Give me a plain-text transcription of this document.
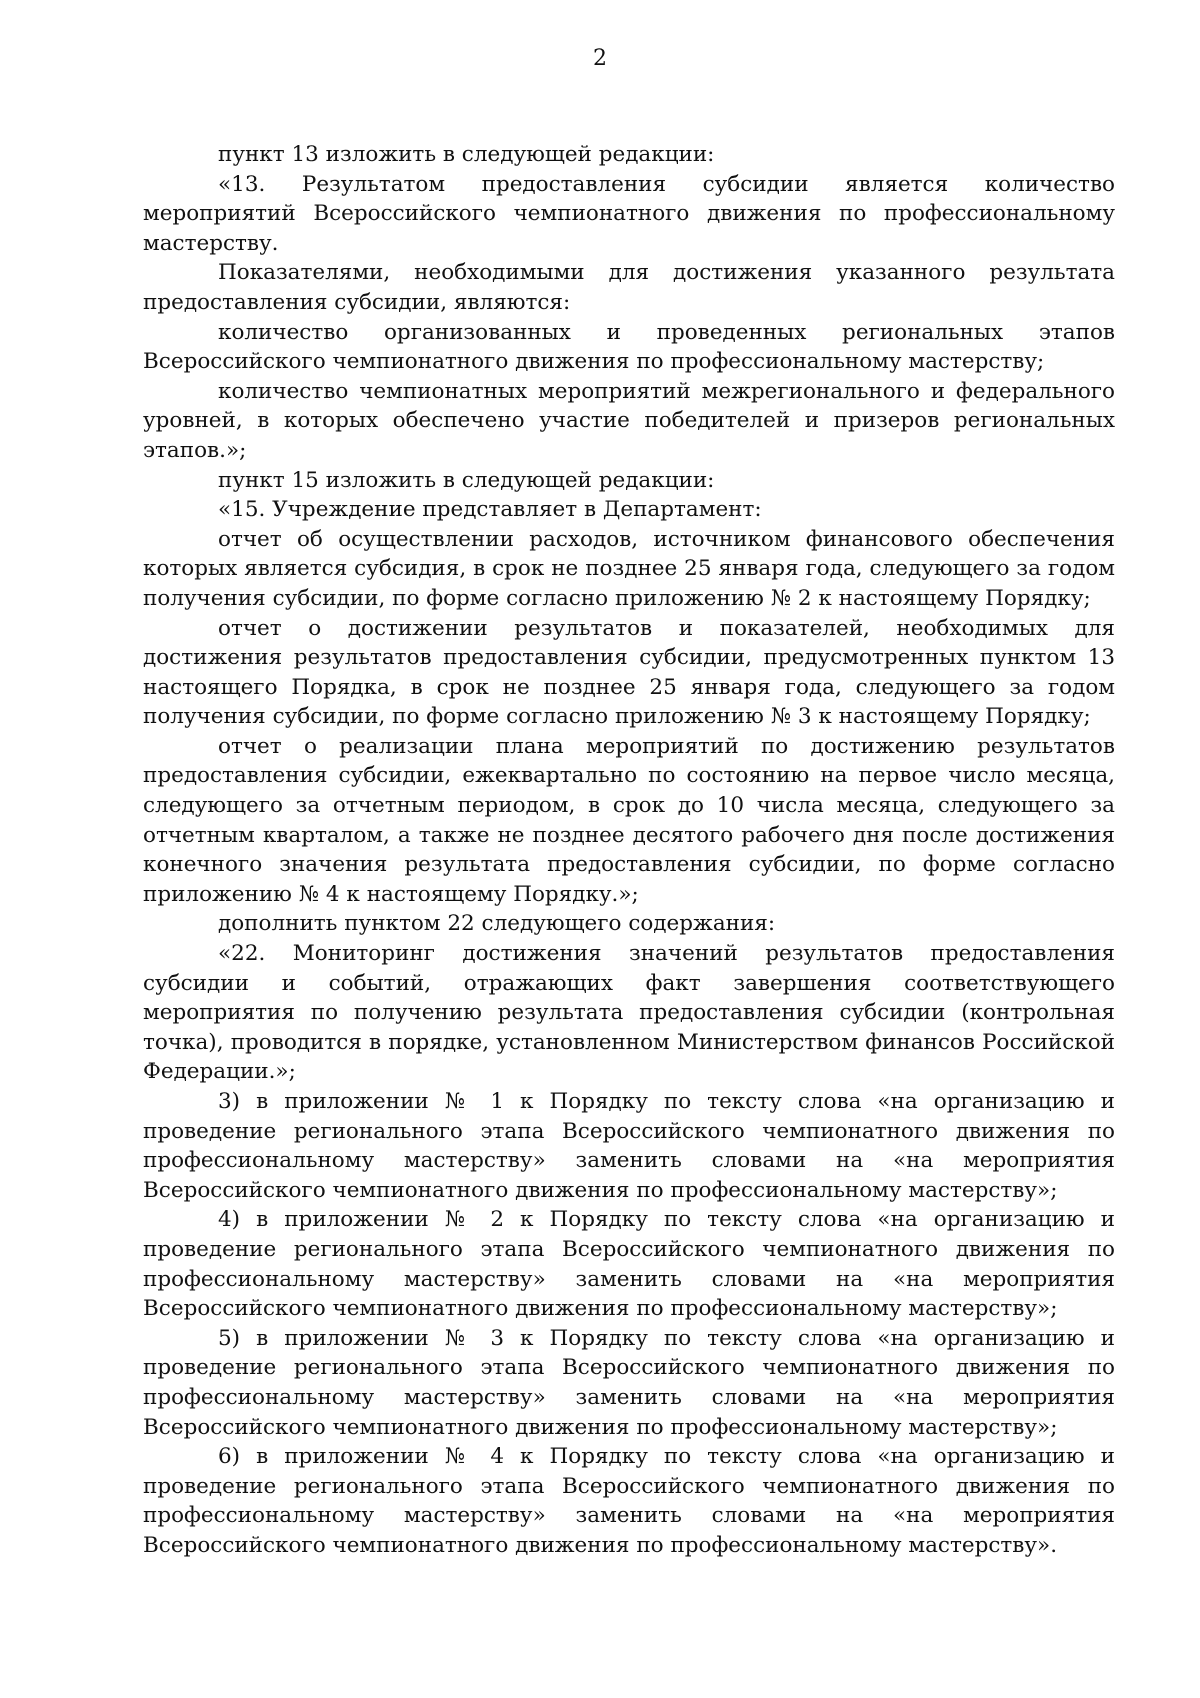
2

пункт 13 изложить в следующей редакции:

«13. Результатом предоставления субсидии является количество мероприятий Всероссийского чемпионатного движения по профессиональному мастерству.

Показателями, необходимыми для достижения указанного результата предоставления субсидии, являются:

количество организованных и проведенных региональных этапов Всероссийского чемпионатного движения по профессиональному мастерству;

количество чемпионатных мероприятий межрегионального и федерального уровней, в которых обеспечено участие победителей и призеров региональных этапов.»;

пункт 15 изложить в следующей редакции:

«15. Учреждение представляет в Департамент:

отчет об осуществлении расходов, источником финансового обеспечения которых является субсидия, в срок не позднее 25 января года, следующего за годом получения субсидии, по форме согласно приложению № 2 к настоящему Порядку;

отчет о достижении результатов и показателей, необходимых для достижения результатов предоставления субсидии, предусмотренных пунктом 13 настоящего Порядка, в срок не позднее 25 января года, следующего за годом получения субсидии, по форме согласно приложению № 3 к настоящему Порядку;

отчет о реализации плана мероприятий по достижению результатов предоставления субсидии, ежеквартально по состоянию на первое число месяца, следующего за отчетным периодом, в срок до 10 числа месяца, следующего за отчетным кварталом, а также не позднее десятого рабочего дня после достижения конечного значения результата предоставления субсидии, по форме согласно приложению № 4 к настоящему Порядку.»;

дополнить пунктом 22 следующего содержания:

«22. Мониторинг достижения значений результатов предоставления субсидии и событий, отражающих факт завершения соответствующего мероприятия по получению результата предоставления субсидии (контрольная точка), проводится в порядке, установленном Министерством финансов Российской Федерации.»;

3) в приложении № 1 к Порядку по тексту слова «на организацию и проведение регионального этапа Всероссийского чемпионатного движения по профессиональному мастерству» заменить словами на «на мероприятия Всероссийского чемпионатного движения по профессиональному мастерству»;

4) в приложении № 2 к Порядку по тексту слова «на организацию и проведение регионального этапа Всероссийского чемпионатного движения по профессиональному мастерству» заменить словами на «на мероприятия Всероссийского чемпионатного движения по профессиональному мастерству»;

5) в приложении № 3 к Порядку по тексту слова «на организацию и проведение регионального этапа Всероссийского чемпионатного движения по профессиональному мастерству» заменить словами на «на мероприятия Всероссийского чемпионатного движения по профессиональному мастерству»;

6) в приложении № 4 к Порядку по тексту слова «на организацию и проведение регионального этапа Всероссийского чемпионатного движения по профессиональному мастерству» заменить словами на «на мероприятия Всероссийского чемпионатного движения по профессиональному мастерству».
